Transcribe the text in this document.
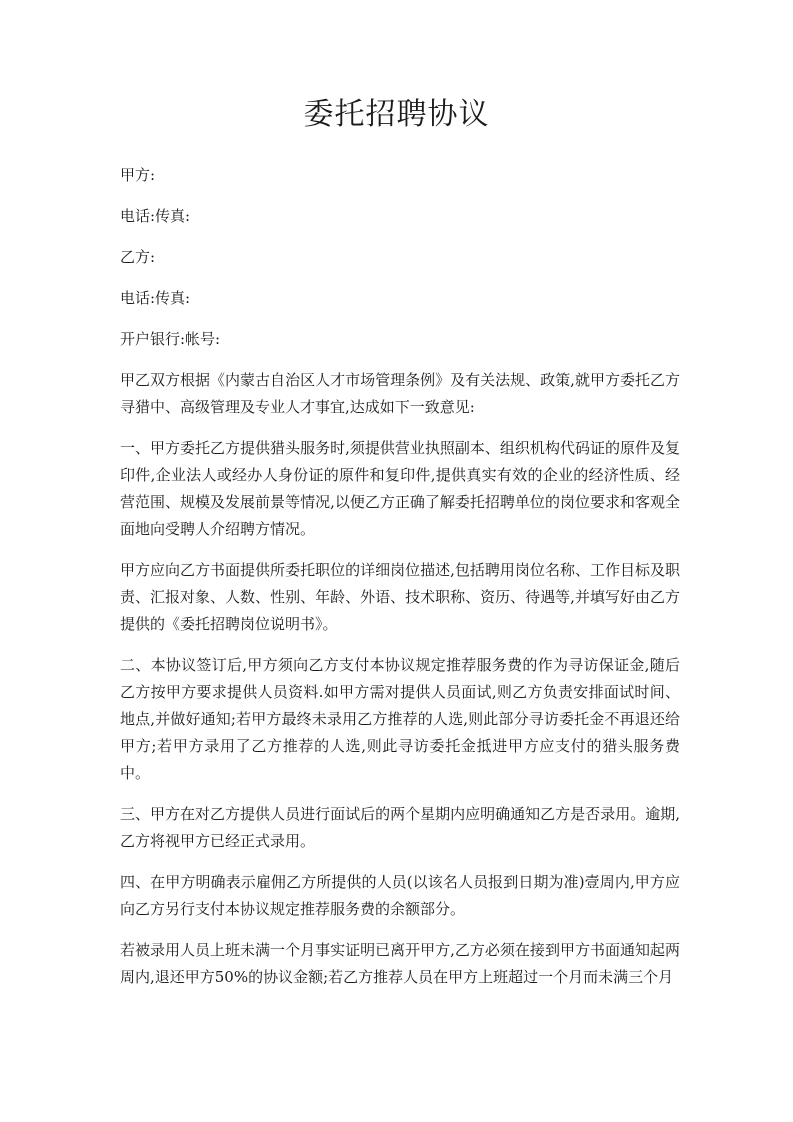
委托招聘协议

甲方:

电话:传真:

乙方:

电话:传真:

开户银行:帐号:

甲乙双方根据《内蒙古自治区人才市场管理条例》及有关法规、政策,就甲方委托乙方寻猎中、高级管理及专业人才事宜,达成如下一致意见:

一、甲方委托乙方提供猎头服务时,须提供营业执照副本、组织机构代码证的原件及复印件,企业法人或经办人身份证的原件和复印件,提供真实有效的企业的经济性质、经营范围、规模及发展前景等情况,以便乙方正确了解委托招聘单位的岗位要求和客观全面地向受聘人介绍聘方情况。

甲方应向乙方书面提供所委托职位的详细岗位描述,包括聘用岗位名称、工作目标及职责、汇报对象、人数、性别、年龄、外语、技术职称、资历、待遇等,并填写好由乙方提供的《委托招聘岗位说明书》。

二、本协议签订后,甲方须向乙方支付本协议规定推荐服务费的作为寻访保证金,随后乙方按甲方要求提供人员资料.如甲方需对提供人员面试,则乙方负责安排面试时间、地点,并做好通知;若甲方最终未录用乙方推荐的人选,则此部分寻访委托金不再退还给甲方;若甲方录用了乙方推荐的人选,则此寻访委托金抵进甲方应支付的猎头服务费中。

三、甲方在对乙方提供人员进行面试后的两个星期内应明确通知乙方是否录用。逾期,乙方将视甲方已经正式录用。

四、在甲方明确表示雇佣乙方所提供的人员(以该名人员报到日期为准)壹周内,甲方应向乙方另行支付本协议规定推荐服务费的余额部分。

若被录用人员上班未满一个月事实证明已离开甲方,乙方必须在接到甲方书面通知起两周内,退还甲方50%的协议金额;若乙方推荐人员在甲方上班超过一个月而未满三个月
